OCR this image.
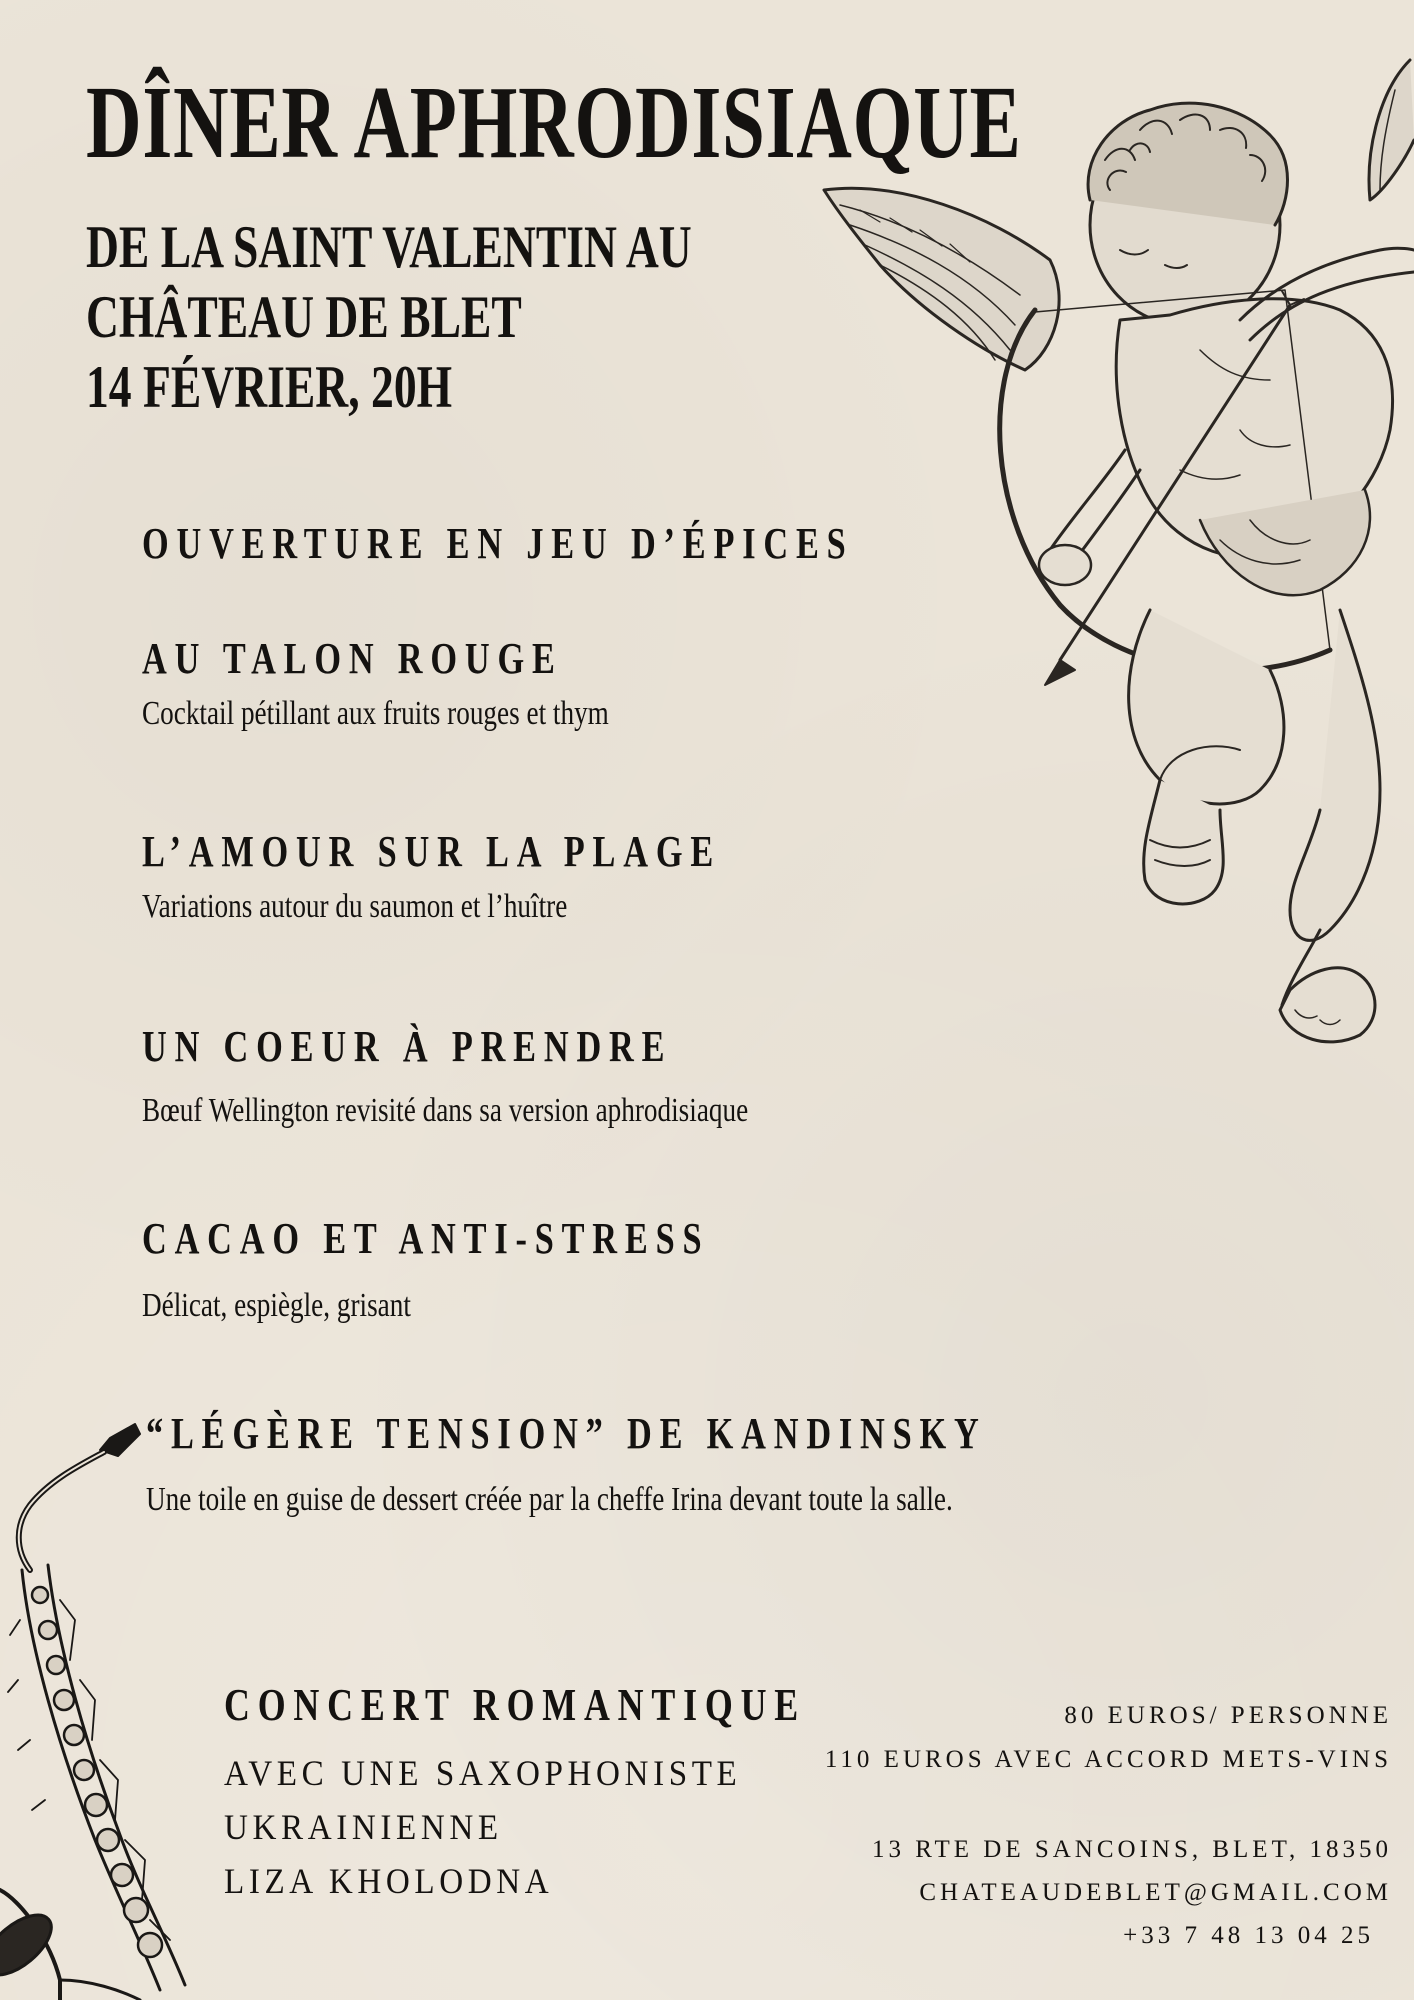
DÎNER APHRODISIAQUE
DE LA SAINT VALENTIN AU
CHÂTEAU DE BLET
14 FÉVRIER, 20H
OUVERTURE EN JEU D’ÉPICES
AU TALON ROUGE
Cocktail pétillant aux fruits rouges et thym
L’AMOUR SUR LA PLAGE
Variations autour du saumon et l’huître
UN COEUR À PRENDRE
Bœuf Wellington revisité dans sa version aphrodisiaque
CACAO ET ANTI-STRESS
Délicat, espiègle, grisant
“LÉGÈRE TENSION” DE KANDINSKY
Une toile en guise de dessert créée par la cheffe Irina devant toute la salle.
CONCERT ROMANTIQUE
AVEC UNE SAXOPHONISTE
UKRAINIENNE
LIZA KHOLODNA
80 EUROS/ PERSONNE
110 EUROS AVEC ACCORD METS-VINS
13 RTE DE SANCOINS, BLET, 18350
CHATEAUDEBLET@GMAIL.COM
+33 7 48 13 04 25
